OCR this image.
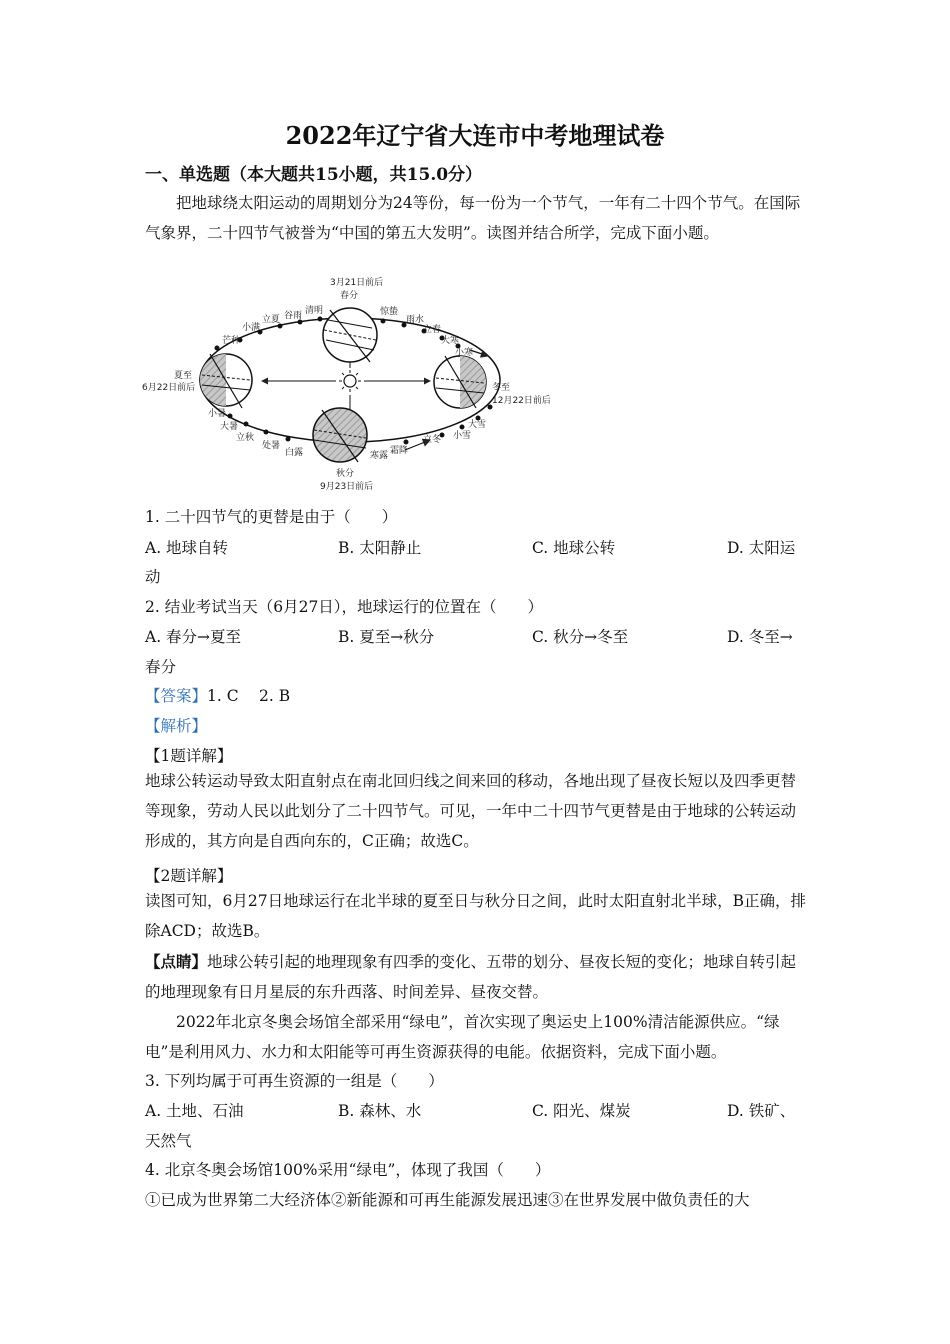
2022年辽宁省大连市中考地理试卷
一、单选题（本大题共15小题，共15.0分）
把地球绕太阳运动的周期划分为24等份，每一份为一个节气，一年有二十四个节气。在国际气象界，二十四节气被誉为“中国的第五大发明”。读图并结合所学，完成下面小题。
3月21日前后
春分
夏至
6月22日前后
秋分
9月23日前后
冬至
12月22日前后
惊蛰
雨水
立春
大寒
小寒
大雪
小雪
立冬
霜降
寒露
白露
处暑
立秋
大暑
小暑
芒种
小满
立夏 谷雨 清明
1. 二十四节气的更替是由于（　　）
A. 地球自转	B. 太阳静止	C. 地球公转	D. 太阳运
动
2. 结业考试当天（6月27日），地球运行的位置在（　　）
A. 春分→夏至	B. 夏至→秋分	C. 秋分→冬至	D. 冬至→
春分
【答案】1. C　 2. B
【解析】
【1题详解】
地球公转运动导致太阳直射点在南北回归线之间来回的移动，各地出现了昼夜长短以及四季更替等现象，劳动人民以此划分了二十四节气。可见，一年中二十四节气更替是由于地球的公转运动形成的，其方向是自西向东的，C正确；故选C。
【2题详解】
读图可知，6月27日地球运行在北半球的夏至日与秋分日之间，此时太阳直射北半球，B正确，排除ACD；故选B。
【点睛】地球公转引起的地理现象有四季的变化、五带的划分、昼夜长短的变化；地球自转引起的地理现象有日月星辰的东升西落、时间差异、昼夜交替。
2022年北京冬奥会场馆全部采用“绿电”，首次实现了奥运史上100%清洁能源供应。“绿电”是利用风力、水力和太阳能等可再生资源获得的电能。依据资料，完成下面小题。
3. 下列均属于可再生资源的一组是（　　）
A. 土地、石油	B. 森林、水	C. 阳光、煤炭	D. 铁矿、
天然气
4. 北京冬奥会场馆100%采用“绿电”，体现了我国（　　）
①已成为世界第二大经济体②新能源和可再生能源发展迅速③在世界发展中做负责任的大
